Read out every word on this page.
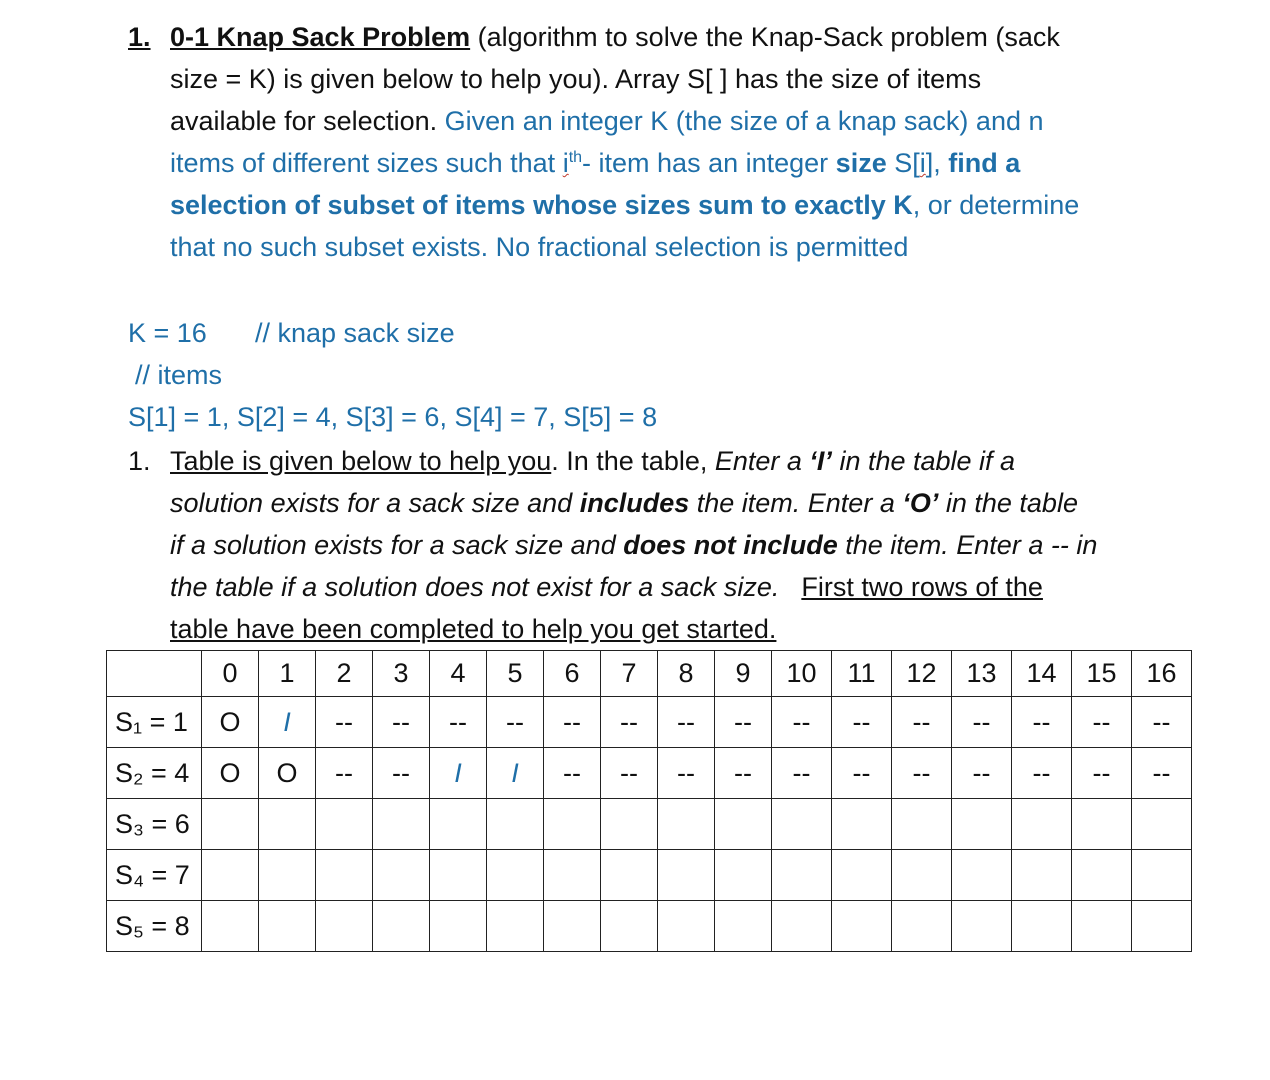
1. 0-1 Knap Sack Problem (algorithm to solve the Knap-Sack problem (sack
size = K) is given below to help you). Array S[ ] has the size of items
available for selection. Given an integer K (the size of a knap sack) and n
items of different sizes such that $i^{th}-$ item has an integer size S[i], find a
selection of subset of items whose sizes sum to exactly K, or determine
that no such subset exists. No fractional selection is permitted
K = 16 // knap sack size
// items
S[1] = 1, S[2] = 4, S[3] = 6, S[4] = 7, S[5] = 8
1. Table is given below to help you. In the table, Enter a ‘I’ in the table if a
solution exists for a sack size and includes the item. Enter a ‘O’ in the table
if a solution exists for a sack size and does not include the item. Enter a -- in
the table if a solution does not exist for a sack size. First two rows of the
table have been completed to help you get started.
	0	1	2	3	4	5	6	7	8	9	10	11	12	13	14	15	16
S₁ = 1	O	I	--	--	--	--	--	--	--	--	--	--	--	--	--	--	--
S₂ = 4	O	O	--	--	I	I	--	--	--	--	--	--	--	--	--	--	--
S₃ = 6																	
S₄ = 7																	
S₅ = 8																	
